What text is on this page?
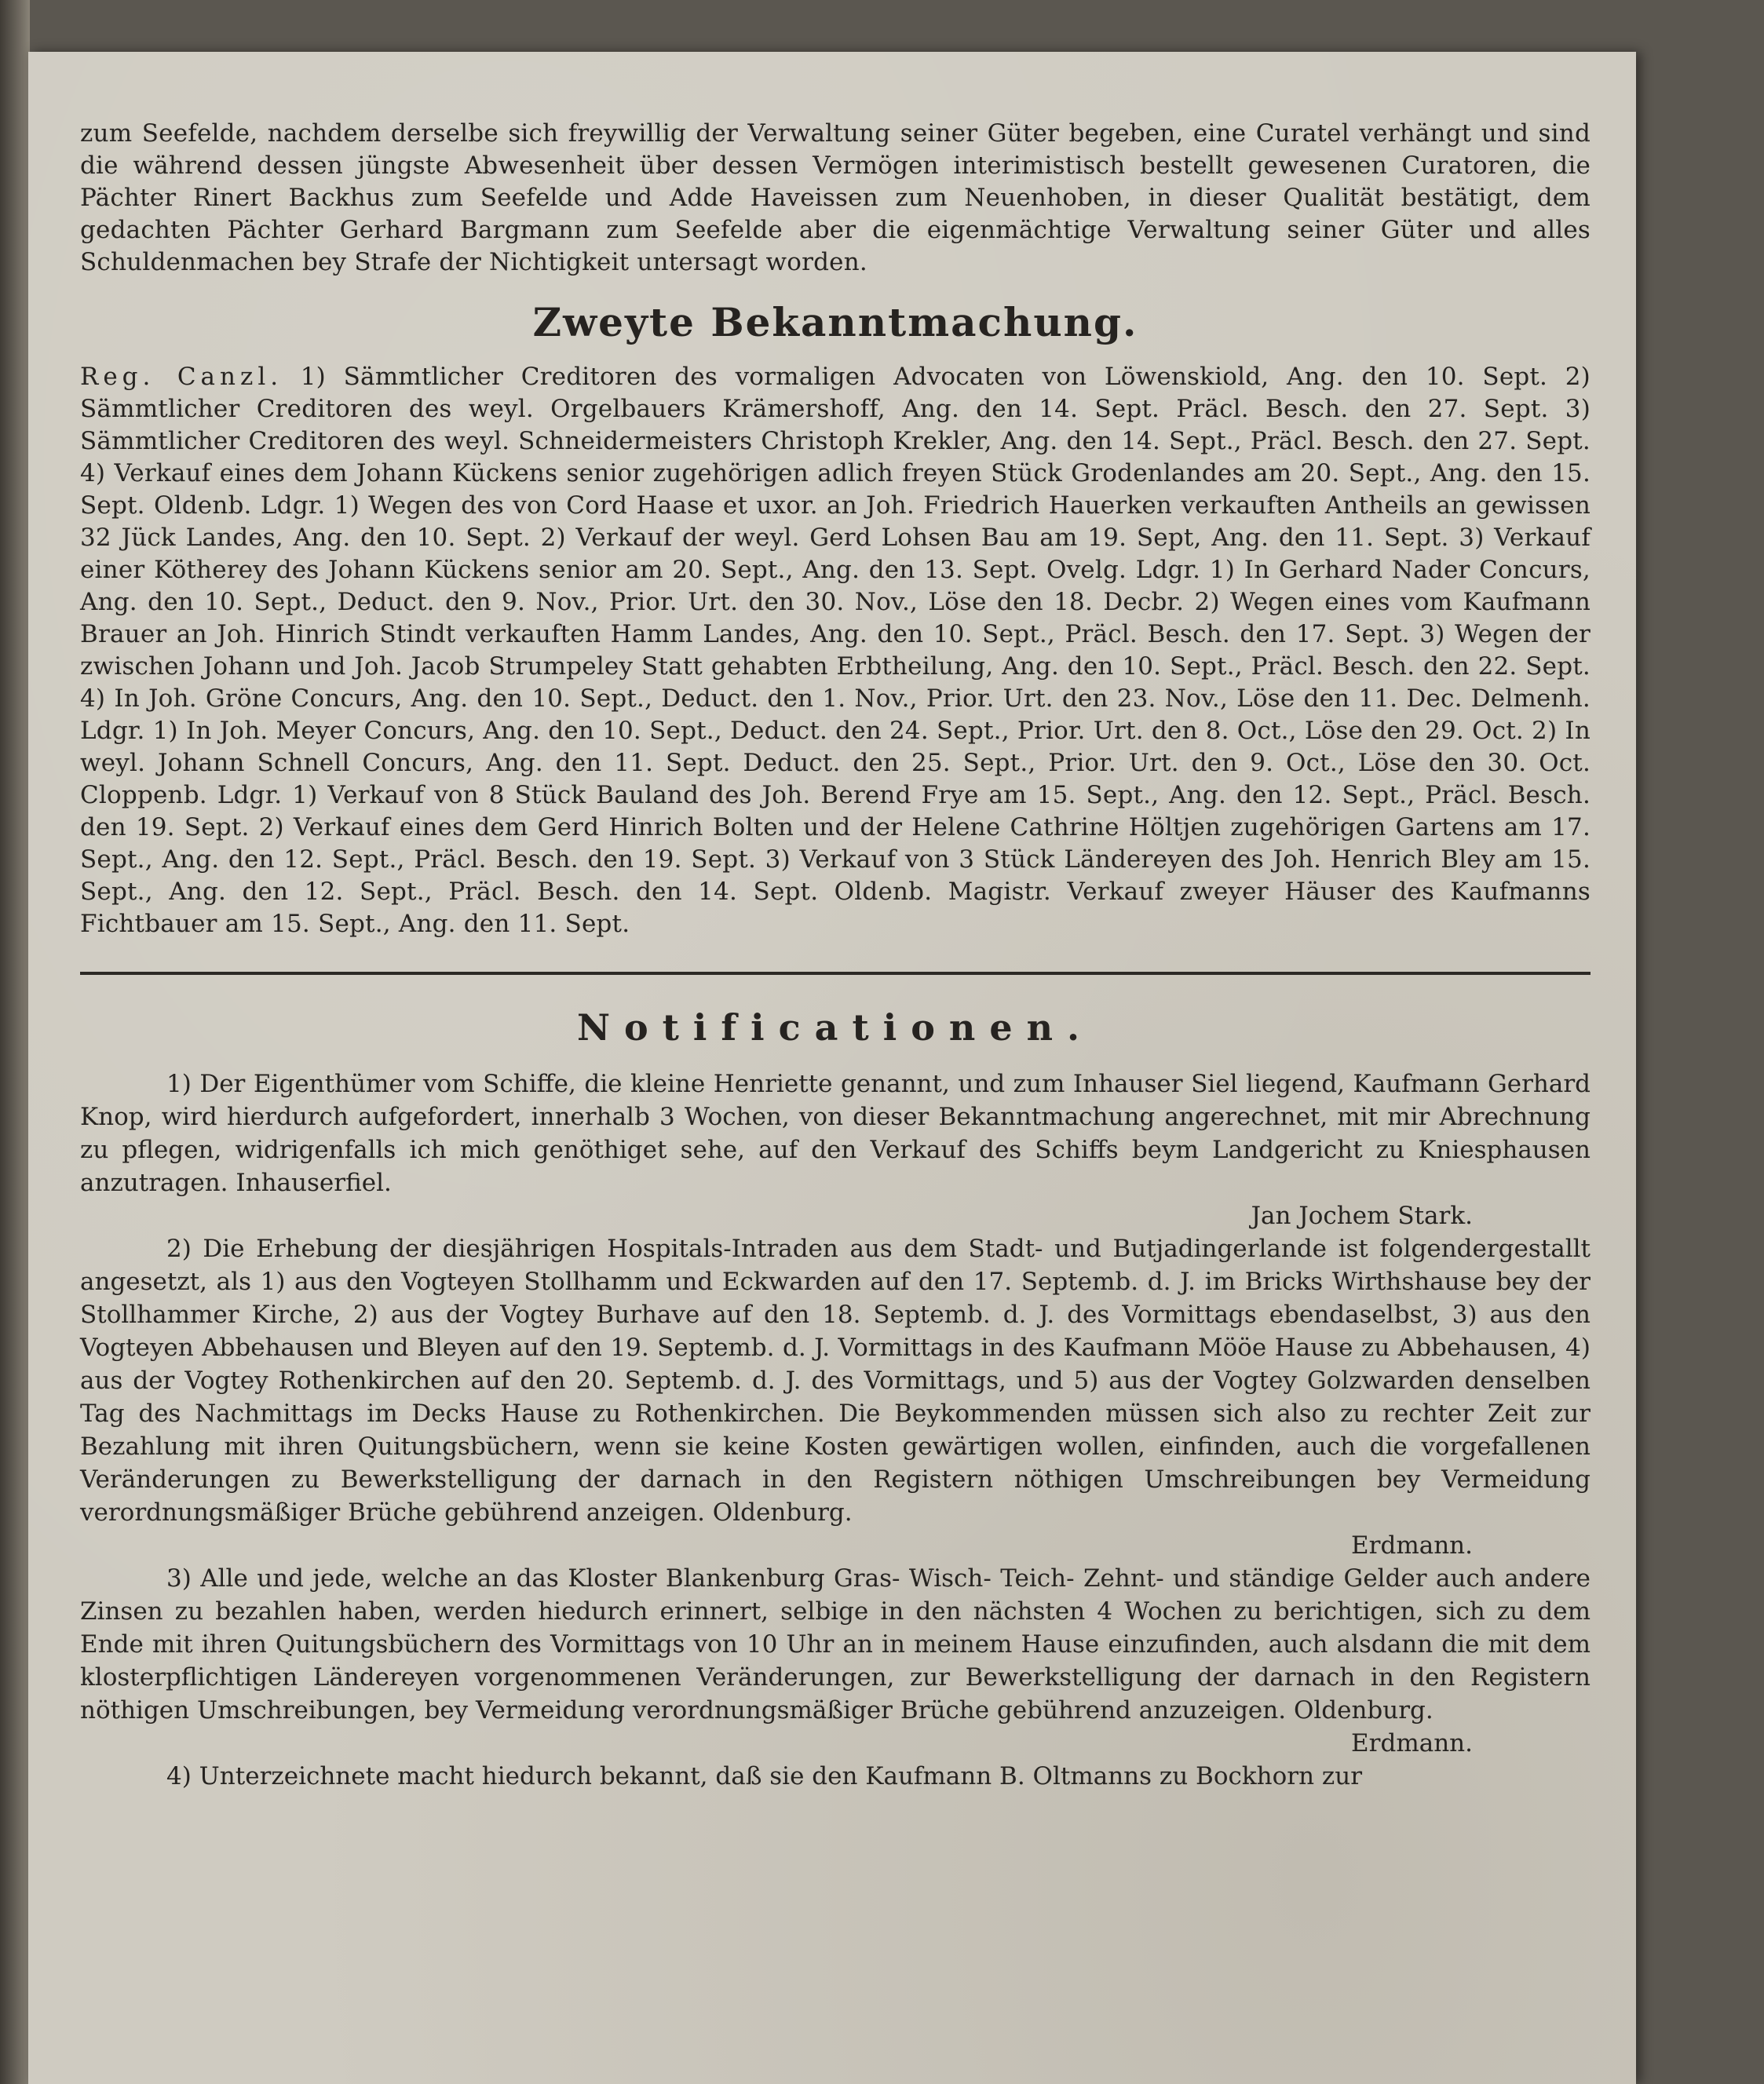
zum Seefelde, nachdem derselbe sich freywillig der Verwaltung seiner Güter begeben, eine Curatel verhängt und sind die während dessen jüngste Abwesenheit über dessen Vermögen interimistisch bestellt gewesenen Curatoren, die Pächter Rinert Backhus zum Seefelde und Adde Haveissen zum Neuenhoben, in dieser Qualität bestätigt, dem gedachten Pächter Gerhard Bargmann zum Seefelde aber die eigenmächtige Verwaltung seiner Güter und alles Schuldenmachen bey Strafe der Nichtigkeit untersagt worden.

Zweyte Bekanntmachung.

Reg. Canzl. 1) Sämmtlicher Creditoren des vormaligen Advocaten von Löwenskiold, Ang. den 10. Sept. 2) Sämmtlicher Creditoren des weyl. Orgelbauers Krämershoff, Ang. den 14. Sept. Präcl. Besch. den 27. Sept. 3) Sämmtlicher Creditoren des weyl. Schneidermeisters Christoph Krekler, Ang. den 14. Sept., Präcl. Besch. den 27. Sept. 4) Verkauf eines dem Johann Kückens senior zugehörigen adlich freyen Stück Grodenlandes am 20. Sept., Ang. den 15. Sept. Oldenb. Ldgr. 1) Wegen des von Cord Haase et uxor. an Joh. Friedrich Hauerken verkauften Antheils an gewissen 32 Jück Landes, Ang. den 10. Sept. 2) Verkauf der weyl. Gerd Lohsen Bau am 19. Sept, Ang. den 11. Sept. 3) Verkauf einer Kötherey des Johann Kückens senior am 20. Sept., Ang. den 13. Sept. Ovelg. Ldgr. 1) In Gerhard Nader Concurs, Ang. den 10. Sept., Deduct. den 9. Nov., Prior. Urt. den 30. Nov., Löse den 18. Decbr. 2) Wegen eines vom Kaufmann Brauer an Joh. Hinrich Stindt verkauften Hamm Landes, Ang. den 10. Sept., Präcl. Besch. den 17. Sept. 3) Wegen der zwischen Johann und Joh. Jacob Strumpeley Statt gehabten Erbtheilung, Ang. den 10. Sept., Präcl. Besch. den 22. Sept. 4) In Joh. Gröne Concurs, Ang. den 10. Sept., Deduct. den 1. Nov., Prior. Urt. den 23. Nov., Löse den 11. Dec. Delmenh. Ldgr. 1) In Joh. Meyer Concurs, Ang. den 10. Sept., Deduct. den 24. Sept., Prior. Urt. den 8. Oct., Löse den 29. Oct. 2) In weyl. Johann Schnell Concurs, Ang. den 11. Sept. Deduct. den 25. Sept., Prior. Urt. den 9. Oct., Löse den 30. Oct. Cloppenb. Ldgr. 1) Verkauf von 8 Stück Bauland des Joh. Berend Frye am 15. Sept., Ang. den 12. Sept., Präcl. Besch. den 19. Sept. 2) Verkauf eines dem Gerd Hinrich Bolten und der Helene Cathrine Höltjen zugehörigen Gartens am 17. Sept., Ang. den 12. Sept., Präcl. Besch. den 19. Sept. 3) Verkauf von 3 Stück Ländereyen des Joh. Henrich Bley am 15. Sept., Ang. den 12. Sept., Präcl. Besch. den 14. Sept. Oldenb. Magistr. Verkauf zweyer Häuser des Kaufmanns Fichtbauer am 15. Sept., Ang. den 11. Sept.

Notificationen.

1) Der Eigenthümer vom Schiffe, die kleine Henriette genannt, und zum Inhauser Siel liegend, Kaufmann Gerhard Knop, wird hierdurch aufgefordert, innerhalb 3 Wochen, von dieser Bekanntmachung angerechnet, mit mir Abrechnung zu pflegen, widrigenfalls ich mich genöthiget sehe, auf den Verkauf des Schiffs beym Landgericht zu Kniesphausen anzutragen. Inhauserfiel.

Jan Jochem Stark.

2) Die Erhebung der diesjährigen Hospitals-Intraden aus dem Stadt- und Butjadingerlande ist folgendergestallt angesetzt, als 1) aus den Vogteyen Stollhamm und Eckwarden auf den 17. Septemb. d. J. im Bricks Wirthshause bey der Stollhammer Kirche, 2) aus der Vogtey Burhave auf den 18. Septemb. d. J. des Vormittags ebendaselbst, 3) aus den Vogteyen Abbehausen und Bleyen auf den 19. Septemb. d. J. Vormittags in des Kaufmann Mööe Hause zu Abbehausen, 4) aus der Vogtey Rothenkirchen auf den 20. Septemb. d. J. des Vormittags, und 5) aus der Vogtey Golzwarden denselben Tag des Nachmittags im Decks Hause zu Rothenkirchen. Die Beykommenden müssen sich also zu rechter Zeit zur Bezahlung mit ihren Quitungsbüchern, wenn sie keine Kosten gewärtigen wollen, einfinden, auch die vorgefallenen Veränderungen zu Bewerkstelligung der darnach in den Registern nöthigen Umschreibungen bey Vermeidung verordnungsmäßiger Brüche gebührend anzeigen. Oldenburg.

Erdmann.

3) Alle und jede, welche an das Kloster Blankenburg Gras- Wisch- Teich- Zehnt- und ständige Gelder auch andere Zinsen zu bezahlen haben, werden hiedurch erinnert, selbige in den nächsten 4 Wochen zu berichtigen, sich zu dem Ende mit ihren Quitungsbüchern des Vormittags von 10 Uhr an in meinem Hause einzufinden, auch alsdann die mit dem klosterpflichtigen Ländereyen vorgenommenen Veränderungen, zur Bewerkstelligung der darnach in den Registern nöthigen Umschreibungen, bey Vermeidung verordnungsmäßiger Brüche gebührend anzuzeigen. Oldenburg.

Erdmann.

4) Unterzeichnete macht hiedurch bekannt, daß sie den Kaufmann B. Oltmanns zu Bockhorn zur
